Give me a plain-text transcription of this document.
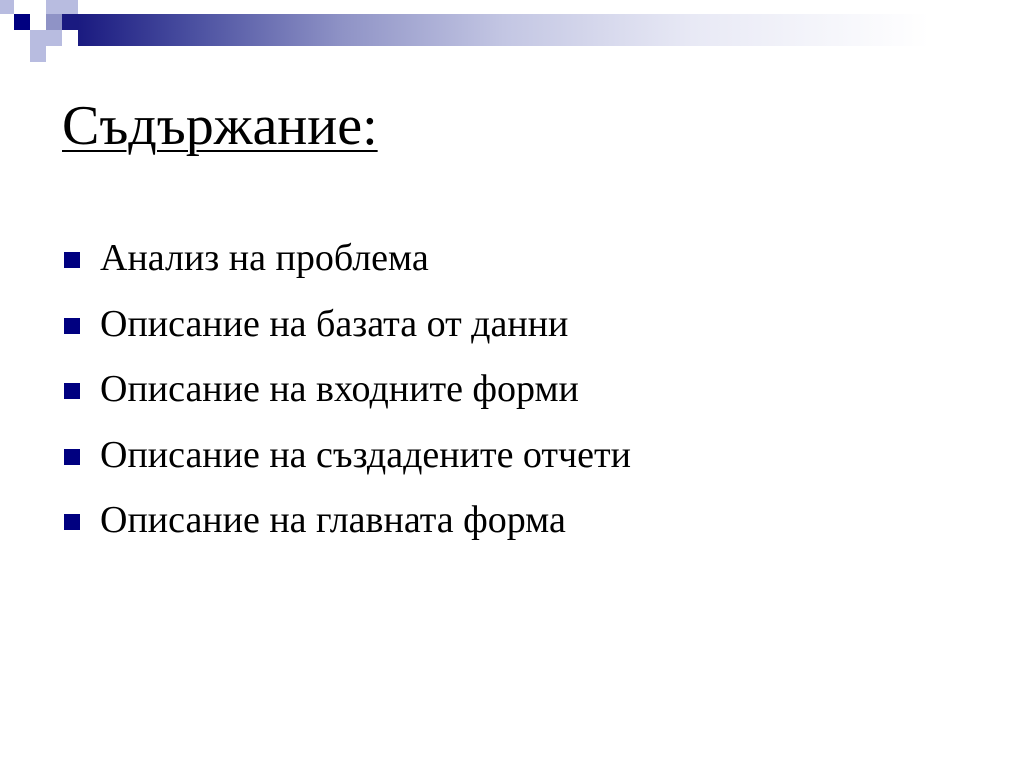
Съдържание:
Анализ на проблема
Описание на базата от данни
Описание на входните форми
Описание на създадените отчети
Описание на главната форма
